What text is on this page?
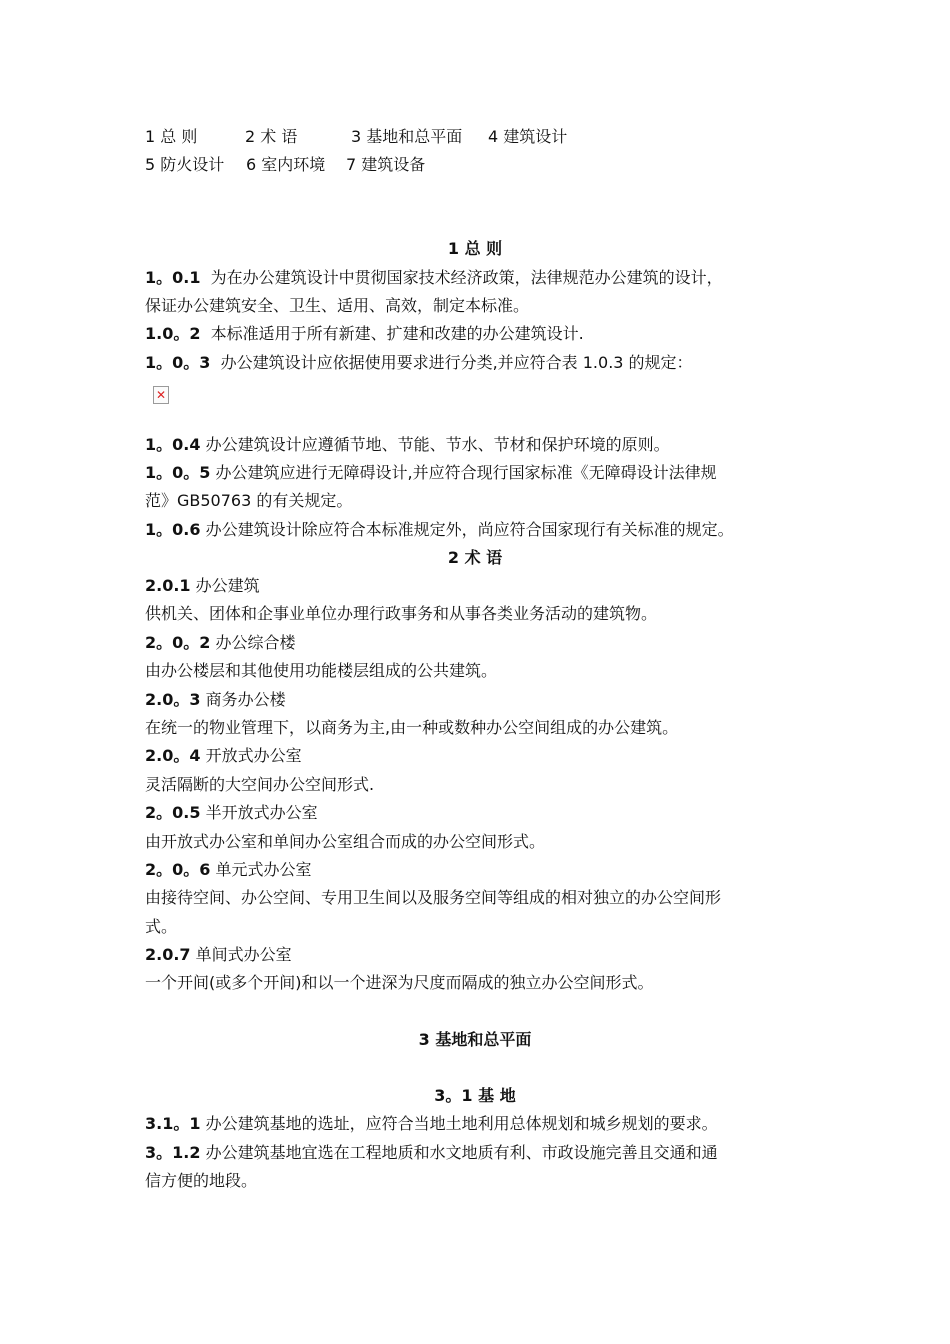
1 总 则	2 术 语	3 基地和总平面 4 建筑设计
5 防火设计 6 室内环境 7 建筑设备
1 总 则
1。0.1 为在办公建筑设计中贯彻国家技术经济政策，法律规范办公建筑的设计，
保证办公建筑安全、卫生、适用、高效，制定本标准。
1.0。2 本标准适用于所有新建、扩建和改建的办公建筑设计.
1。0。3 办公建筑设计应依据使用要求进行分类,并应符合表 1.0.3 的规定：
✕
1。0.4 办公建筑设计应遵循节地、节能、节水、节材和保护环境的原则。
1。0。5 办公建筑应进行无障碍设计,并应符合现行国家标准《无障碍设计法律规
范》GB50763 的有关规定。
1。0.6 办公建筑设计除应符合本标准规定外，尚应符合国家现行有关标准的规定。
2 术 语
2.0.1 办公建筑
供机关、团体和企事业单位办理行政事务和从事各类业务活动的建筑物。
2。0。2 办公综合楼
由办公楼层和其他使用功能楼层组成的公共建筑。
2.0。3 商务办公楼
在统一的物业管理下，以商务为主,由一种或数种办公空间组成的办公建筑。
2.0。4 开放式办公室
灵活隔断的大空间办公空间形式.
2。0.5 半开放式办公室
由开放式办公室和单间办公室组合而成的办公空间形式。
2。0。6 单元式办公室
由接待空间、办公空间、专用卫生间以及服务空间等组成的相对独立的办公空间形
式。
2.0.7 单间式办公室
一个开间(或多个开间)和以一个进深为尺度而隔成的独立办公空间形式。
3 基地和总平面
3。1 基 地
3.1。1 办公建筑基地的选址，应符合当地土地利用总体规划和城乡规划的要求。
3。1.2 办公建筑基地宜选在工程地质和水文地质有利、市政设施完善且交通和通
信方便的地段。
